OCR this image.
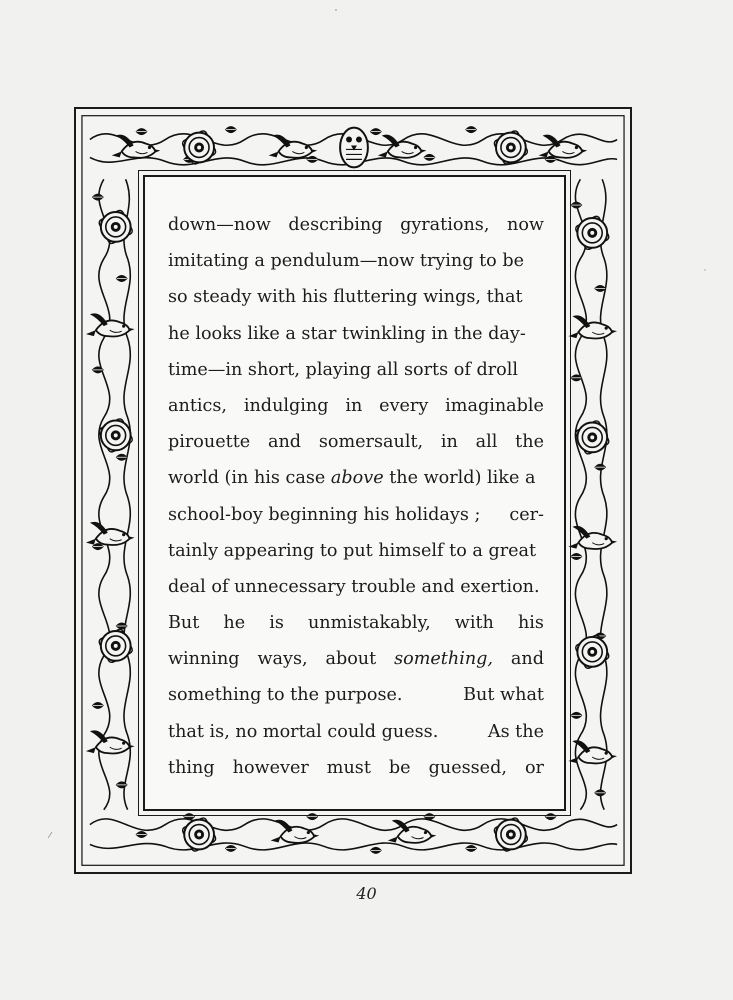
down—now describing gyrations, now
imitating a pendulum—now trying to be
so steady with his fluttering wings, that
he looks like a star twinkling in the day-
time—in short, playing all sorts of droll
antics, indulging in every imaginable
pirouette and somersault, in all the
world (in his case above the world) like a
school-boy beginning his holidays ; cer-
tainly appearing to put himself to a great
deal of unnecessary trouble and exertion.
But he is unmistakably, with his
winning ways, about something, and
something to the purpose.	But what
that is, no mortal could guess.	As the
thing however must be guessed, or
40
